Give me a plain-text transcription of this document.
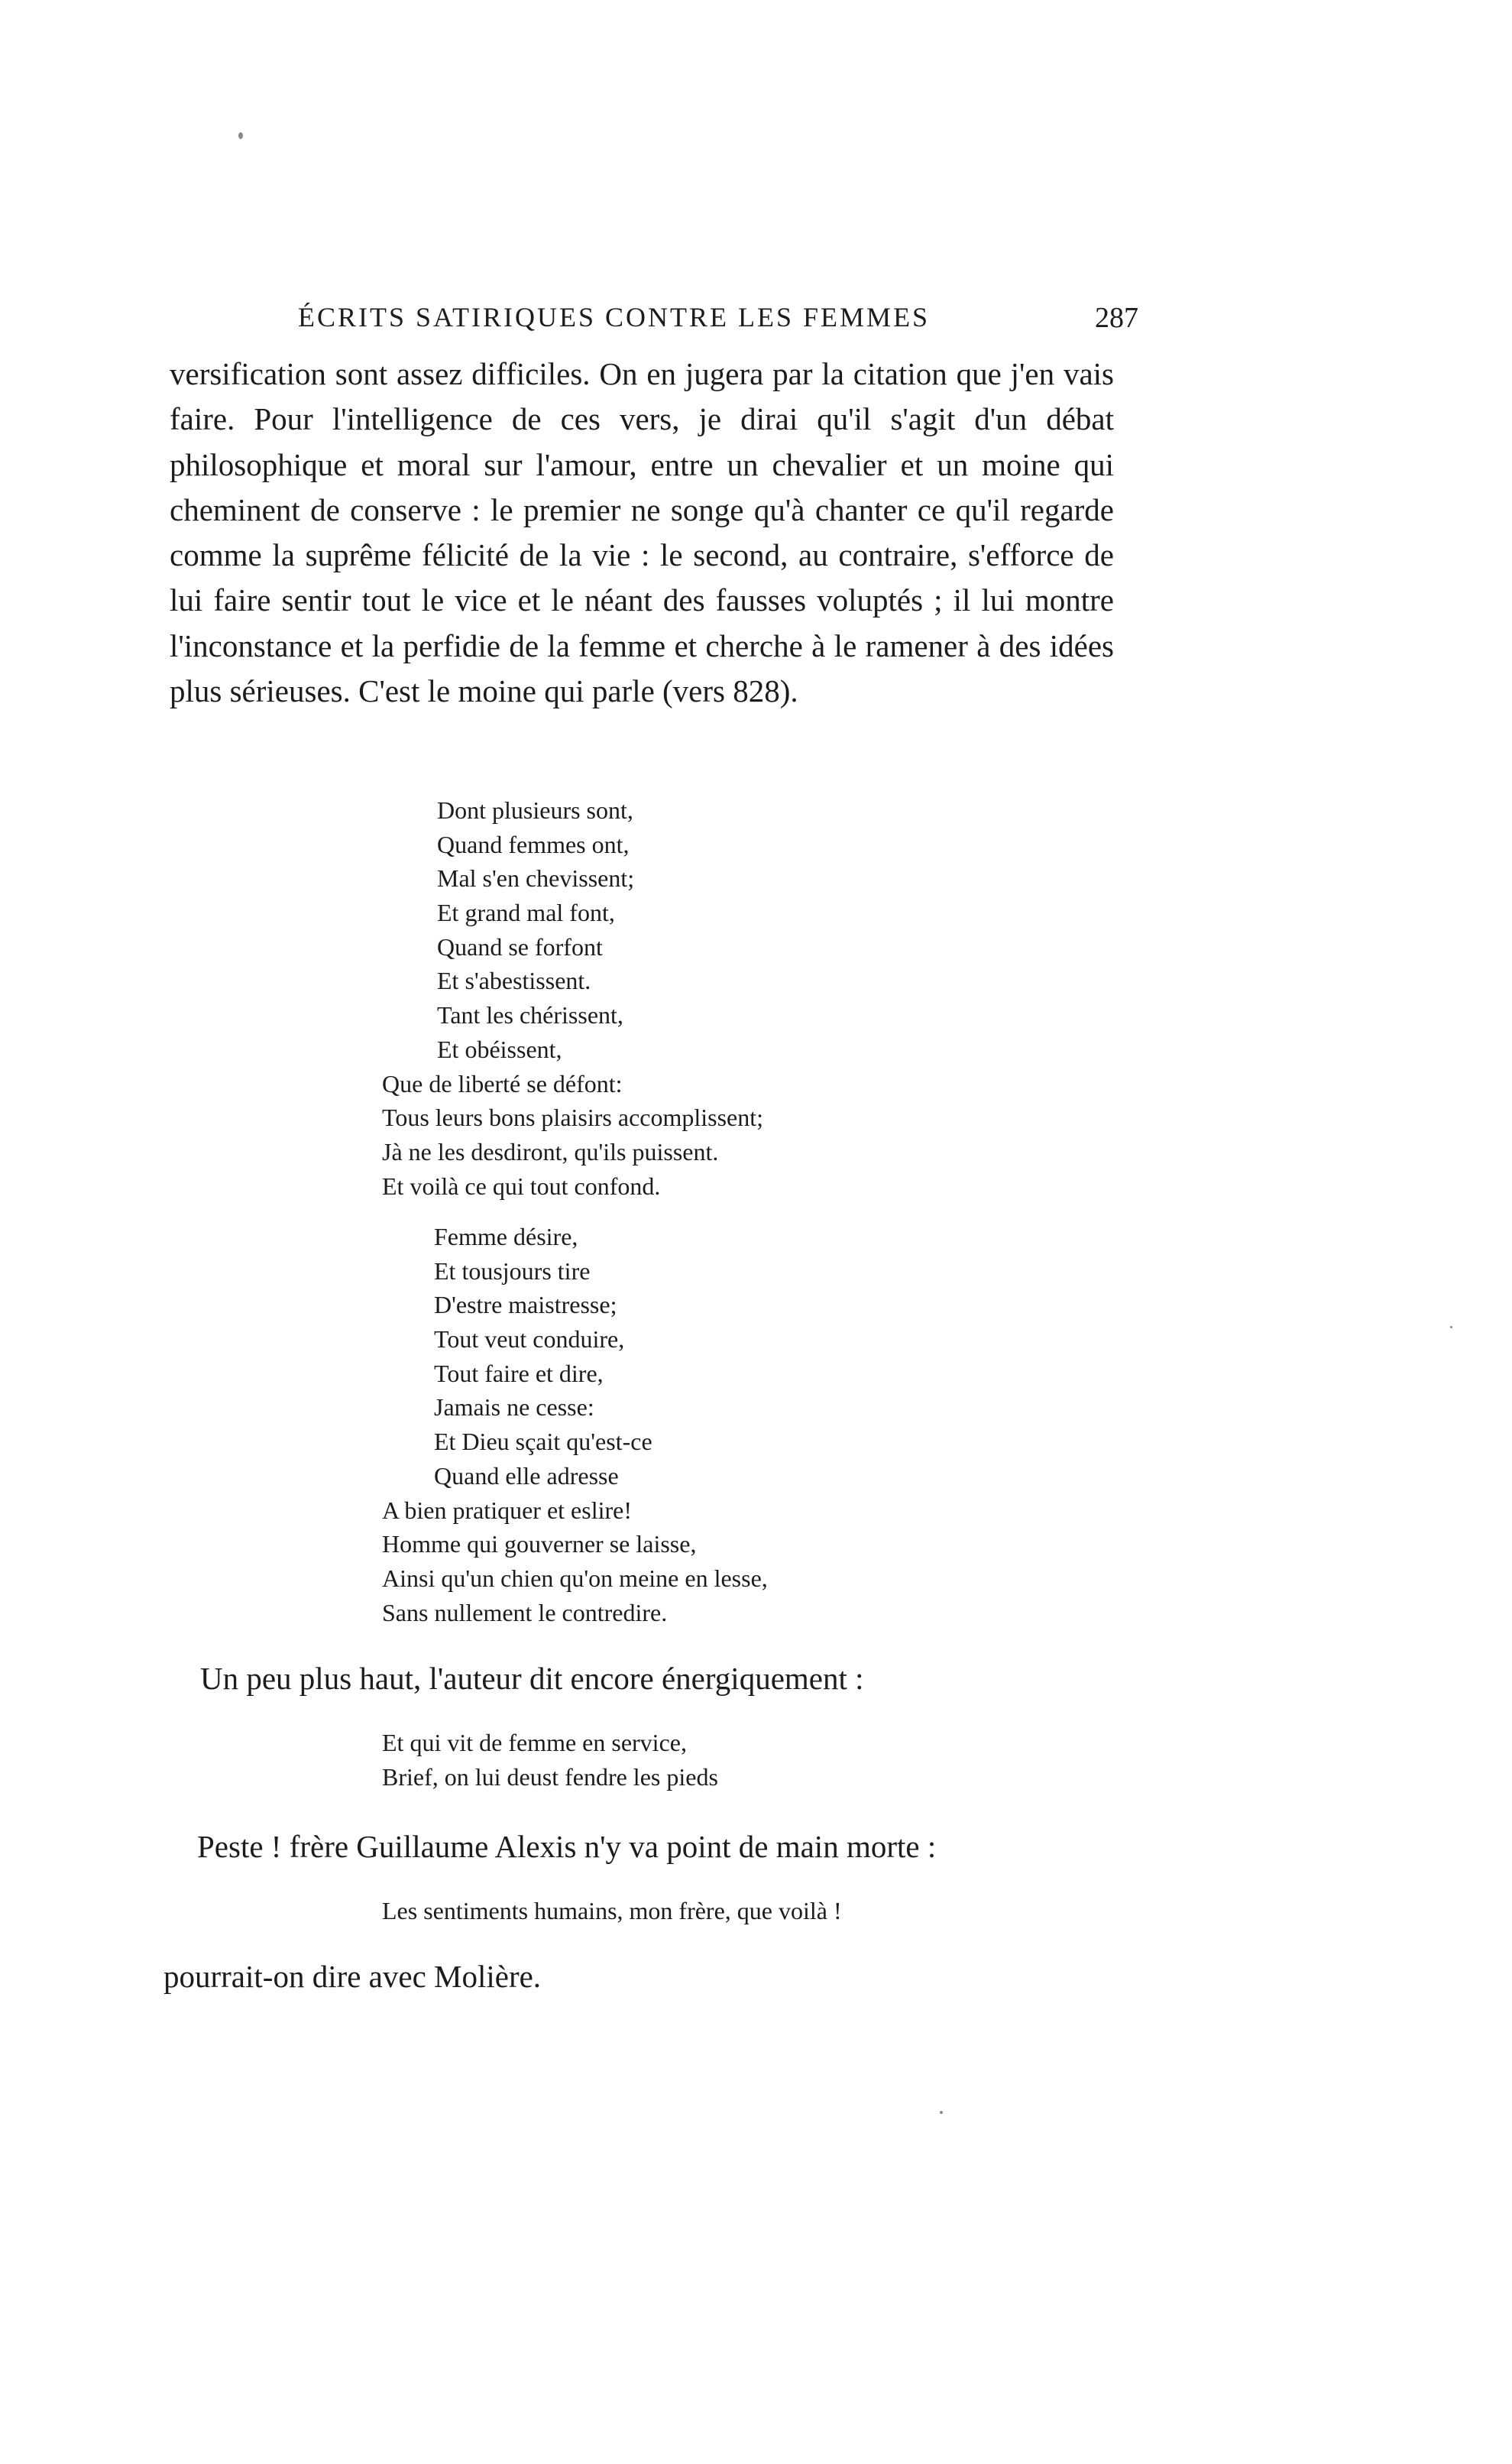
ÉCRITS SATIRIQUES CONTRE LES FEMMES	287

versification sont assez difficiles. On en jugera par la citation que j'en vais faire. Pour l'intelligence de ces vers, je dirai qu'il s'agit d'un débat philosophique et moral sur l'amour, entre un chevalier et un moine qui cheminent de conserve : le premier ne songe qu'à chanter ce qu'il regarde comme la suprême félicité de la vie : le second, au contraire, s'efforce de lui faire sentir tout le vice et le néant des fausses voluptés ; il lui montre l'inconstance et la perfidie de la femme et cherche à le ramener à des idées plus sérieuses. C'est le moine qui parle (vers 828).

Dont plusieurs sont,
Quand femmes ont,
Mal s'en chevissent;
Et grand mal font,
Quand se forfont
Et s'abestissent.
Tant les chérissent,
Et obéissent,
Que de liberté se défont:
Tous leurs bons plaisirs accomplissent;
Jà ne les desdiront, qu'ils puissent.
Et voilà ce qui tout confond.
Femme désire,
Et tousjours tire
D'estre maistresse;
Tout veut conduire,
Tout faire et dire,
Jamais ne cesse:
Et Dieu sçait qu'est-ce
Quand elle adresse
A bien pratiquer et eslire!
Homme qui gouverner se laisse,
Ainsi qu'un chien qu'on meine en lesse,
Sans nullement le contredire.
Un peu plus haut, l'auteur dit encore énergiquement :
Et qui vit de femme en service,
Brief, on lui deust fendre les pieds
Peste ! frère Guillaume Alexis n'y va point de main morte :
Les sentiments humains, mon frère, que voilà !
pourrait-on dire avec Molière.
